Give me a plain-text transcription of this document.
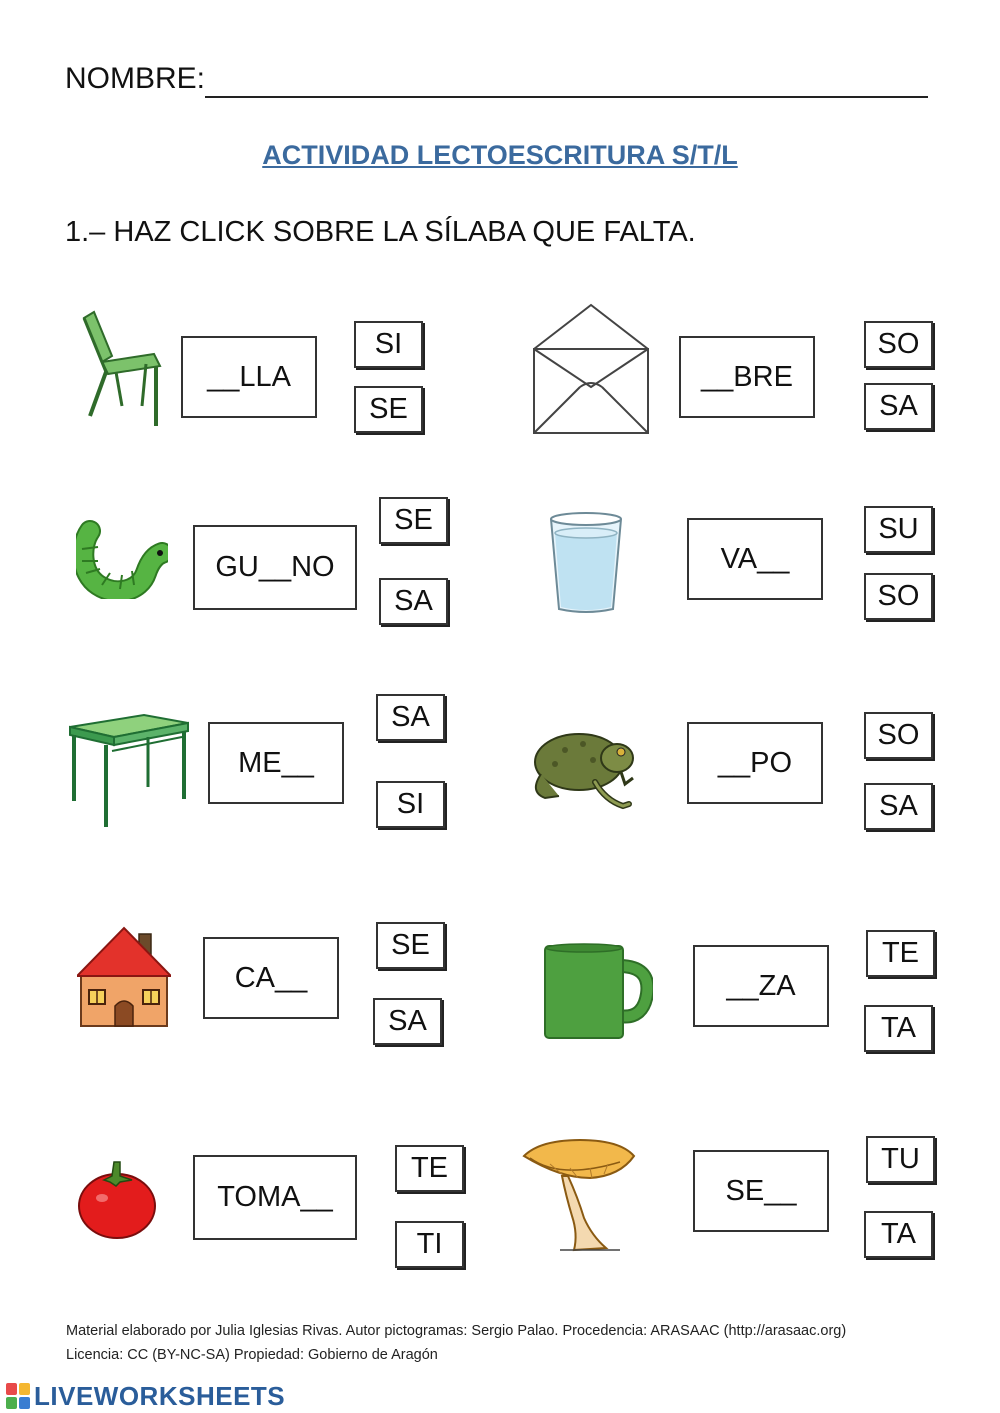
NOMBRE:
ACTIVIDAD LECTOESCRITURA S/T/L
1.– HAZ CLICK SOBRE LA SÍLABA QUE FALTA.
__LLA
SI
SE
__BRE
SO
SA
GU__NO
SE
SA
VA__
SU
SO
ME__
SA
SI
__PO
SO
SA
CA__
SE
SA
__ZA
TE
TA
TOMA__
TE
TI
SE__
TU
TA
Material elaborado por Julia Iglesias Rivas. Autor pictogramas: Sergio Palao. Procedencia: ARASAAC (http://arasaac.org)
Licencia: CC (BY-NC-SA) Propiedad: Gobierno de Aragón
LIVEWORKSHEETS
